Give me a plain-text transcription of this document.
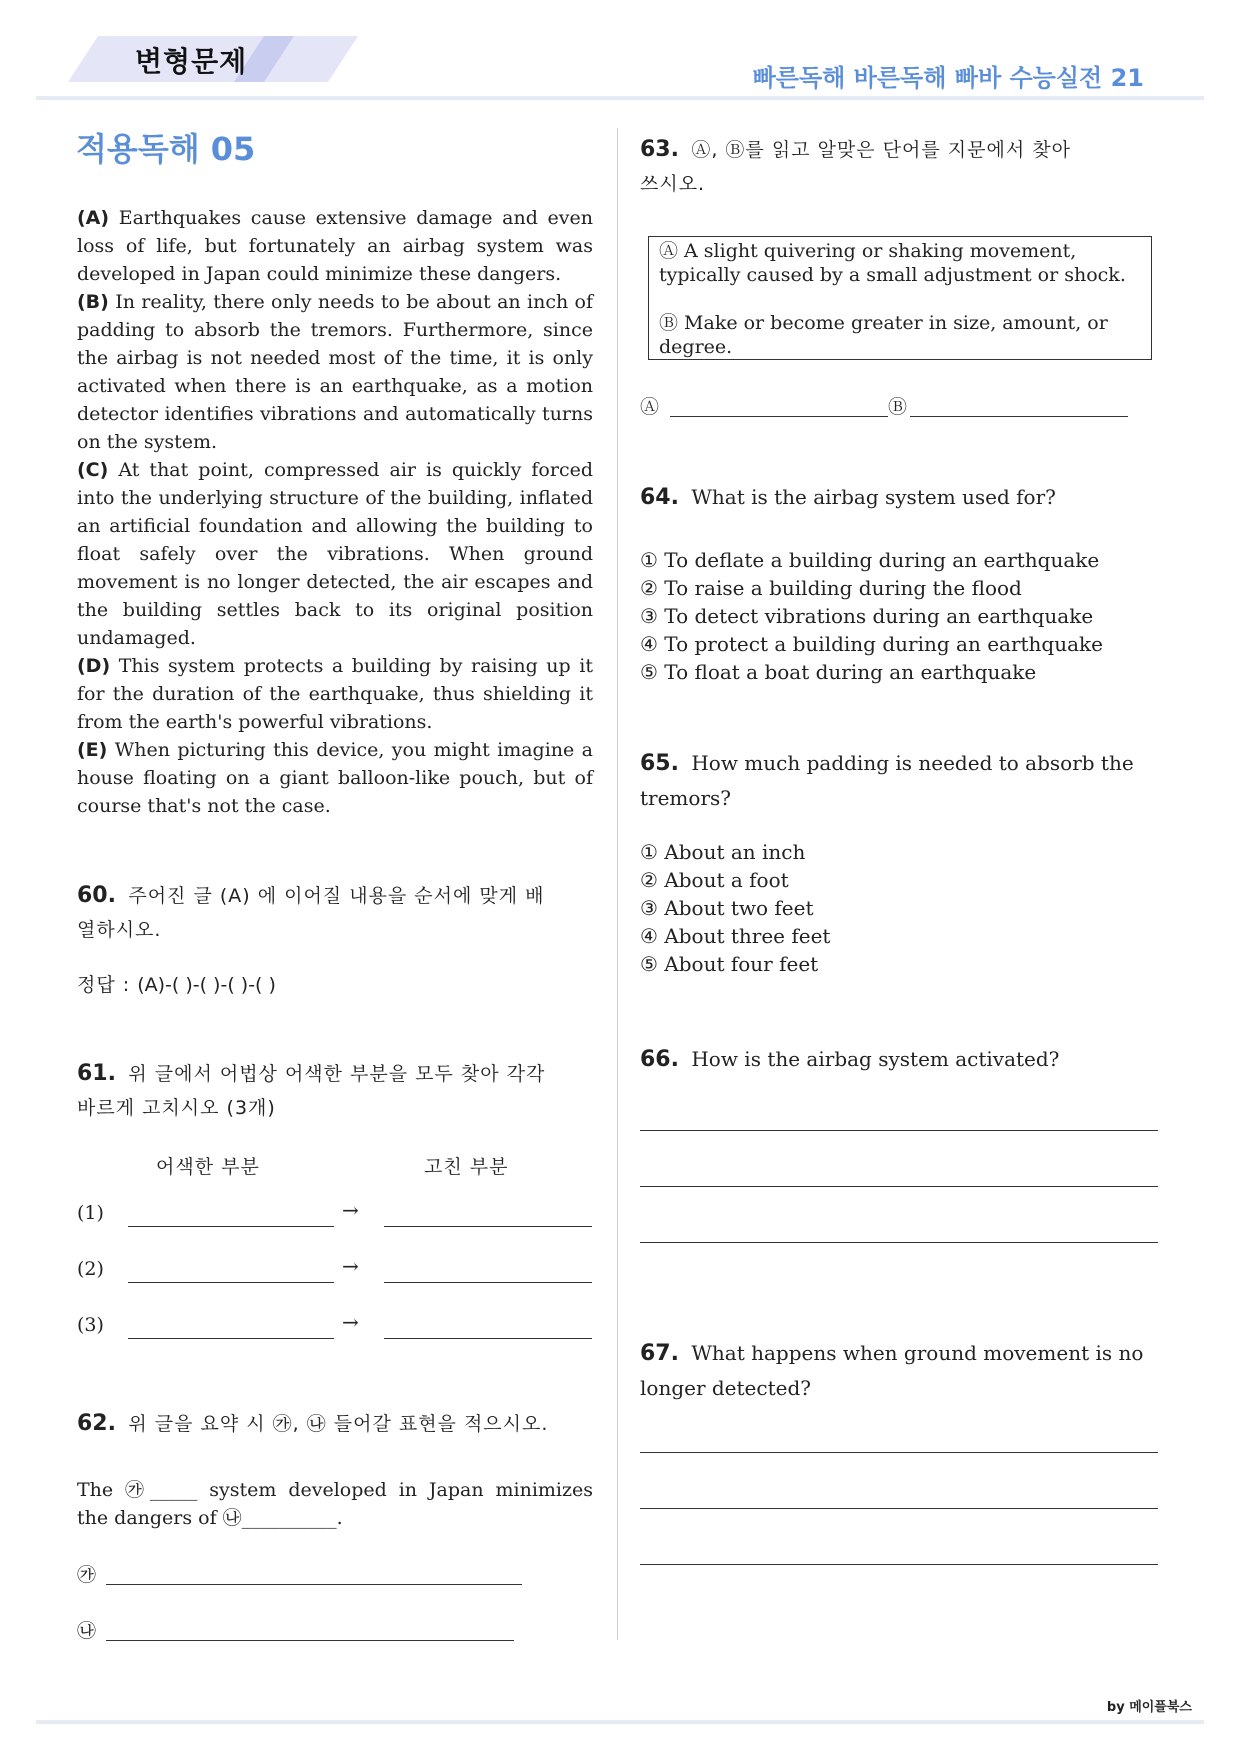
변형문제	빠른독해 바른독해 빠바 수능실전 21
적용독해 05
(A) Earthquakes cause extensive damage and even loss of life, but fortunately an airbag system was developed in Japan could minimize these dangers.
(B) In reality, there only needs to be about an inch of padding to absorb the tremors. Furthermore, since the airbag is not needed most of the time, it is only activated when there is an earthquake, as a motion detector identifies vibrations and automatically turns on the system.
(C) At that point, compressed air is quickly forced into the underlying structure of the building, inflated an artificial foundation and allowing the building to float safely over the vibrations. When ground movement is no longer detected, the air escapes and the building settles back to its original position undamaged.
(D) This system protects a building by raising up it for the duration of the earthquake, thus shielding it from the earth's powerful vibrations.
(E) When picturing this device, you might imagine a house floating on a giant balloon-like pouch, but of course that's not the case.
60. 주어진 글 (A) 에 이어질 내용을 순서에 맞게 배
열하시오.
정답 : (A)-( )-( )-( )-( )
61. 위 글에서 어법상 어색한 부분을 모두 찾아 각각
바르게 고치시오 (3개)
어색한 부분	고친 부분
(1)	→
(2)	→
(3)	→
62. 위 글을 요약 시 ㉮, ㉯ 들어갈 표현을 적으시오.
The ㉮_____ system developed in Japan minimizes
the dangers of ㉯__________.
㉮
㉯
63. Ⓐ, Ⓑ를 읽고 알맞은 단어를 지문에서 찾아
쓰시오.
Ⓐ A slight quivering or shaking movement, typically caused by a small adjustment or shock.
Ⓑ Make or become greater in size, amount, or degree.
Ⓐ	Ⓑ
64. What is the airbag system used for?
① To deflate a building during an earthquake
② To raise a building during the flood
③ To detect vibrations during an earthquake
④ To protect a building during an earthquake
⑤ To float a boat during an earthquake
65. How much padding is needed to absorb the
tremors?
① About an inch
② About a foot
③ About two feet
④ About three feet
⑤ About four feet
66. How is the airbag system activated?
67. What happens when ground movement is no
longer detected?
by 메이플북스
